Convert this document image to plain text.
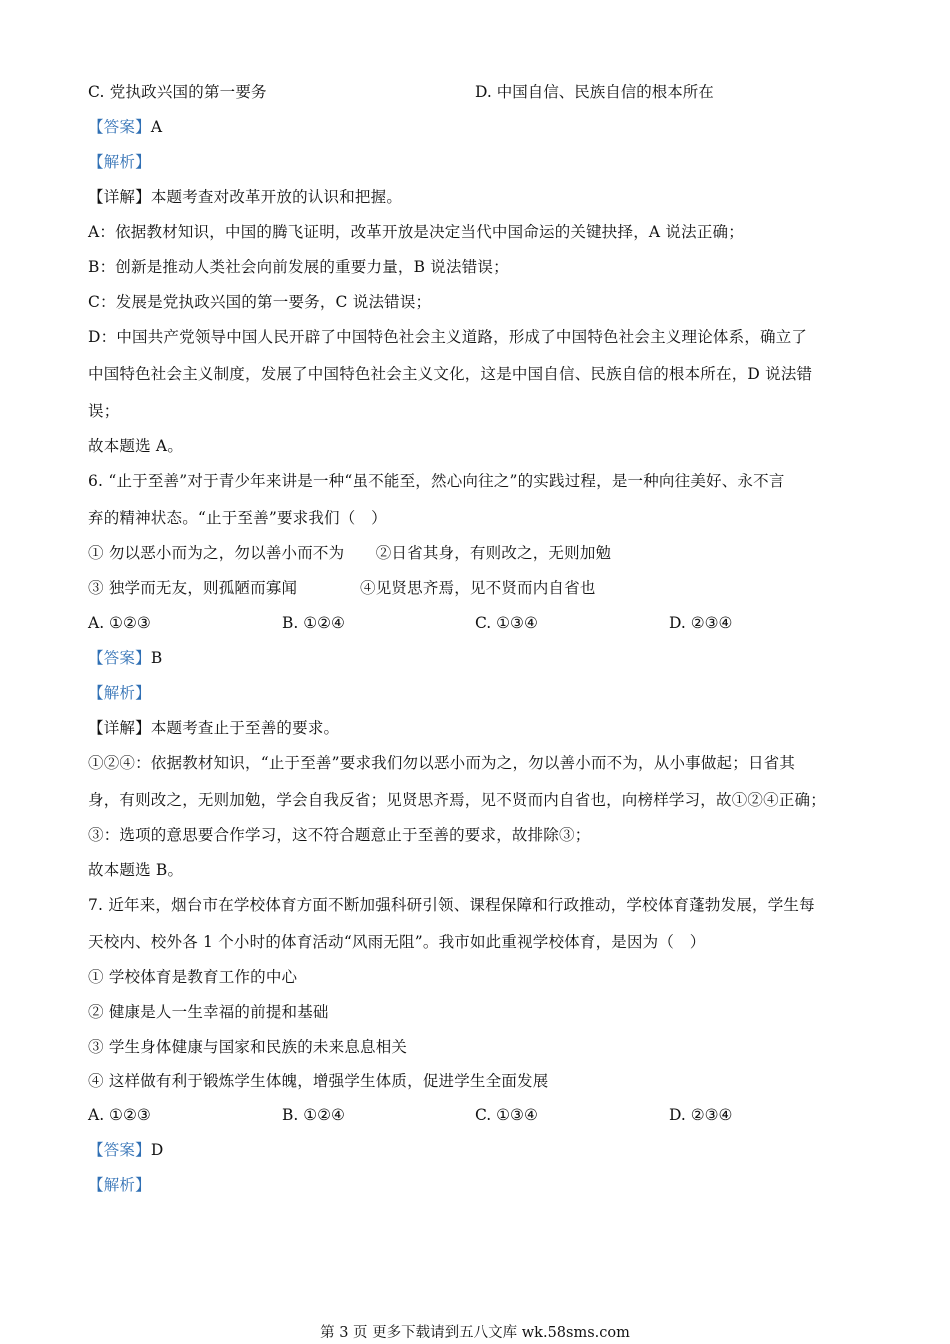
C. 党执政兴国的第一要务	D. 中国自信、民族自信的根本所在
【答案】A
【解析】
【详解】本题考查对改革开放的认识和把握。
A：依据教材知识，中国的腾飞证明，改革开放是决定当代中国命运的关键抉择，A 说法正确；
B：创新是推动人类社会向前发展的重要力量，B 说法错误；
C：发展是党执政兴国的第一要务，C 说法错误；
D：中国共产党领导中国人民开辟了中国特色社会主义道路，形成了中国特色社会主义理论体系，确立了
中国特色社会主义制度，发展了中国特色社会主义文化，这是中国自信、民族自信的根本所在，D 说法错
误；
故本题选 A。
6. “止于至善”对于青少年来讲是一种“虽不能至，然心向往之”的实践过程，是一种向往美好、永不言
弃的精神状态。“止于至善”要求我们（　）
① 勿以恶小而为之，勿以善小而不为　　②日省其身，有则改之，无则加勉
③ 独学而无友，则孤陋而寡闻　　　　④见贤思齐焉，见不贤而内自省也
A. ①②③	B. ①②④	C. ①③④	D. ②③④
【答案】B
【解析】
【详解】本题考查止于至善的要求。
①②④：依据教材知识，“止于至善”要求我们勿以恶小而为之，勿以善小而不为，从小事做起；日省其
身，有则改之，无则加勉，学会自我反省；见贤思齐焉，见不贤而内自省也，向榜样学习，故①②④正确；
③：选项的意思要合作学习，这不符合题意止于至善的要求，故排除③；
故本题选 B。
7. 近年来，烟台市在学校体育方面不断加强科研引领、课程保障和行政推动，学校体育蓬勃发展，学生每
天校内、校外各 1 个小时的体育活动“风雨无阻”。我市如此重视学校体育，是因为（　）
① 学校体育是教育工作的中心
② 健康是人一生幸福的前提和基础
③ 学生身体健康与国家和民族的未来息息相关
④ 这样做有利于锻炼学生体魄，增强学生体质，促进学生全面发展
A. ①②③	B. ①②④	C. ①③④	D. ②③④
【答案】D
【解析】
第 3 页 更多下载请到五八文库 wk.58sms.com
